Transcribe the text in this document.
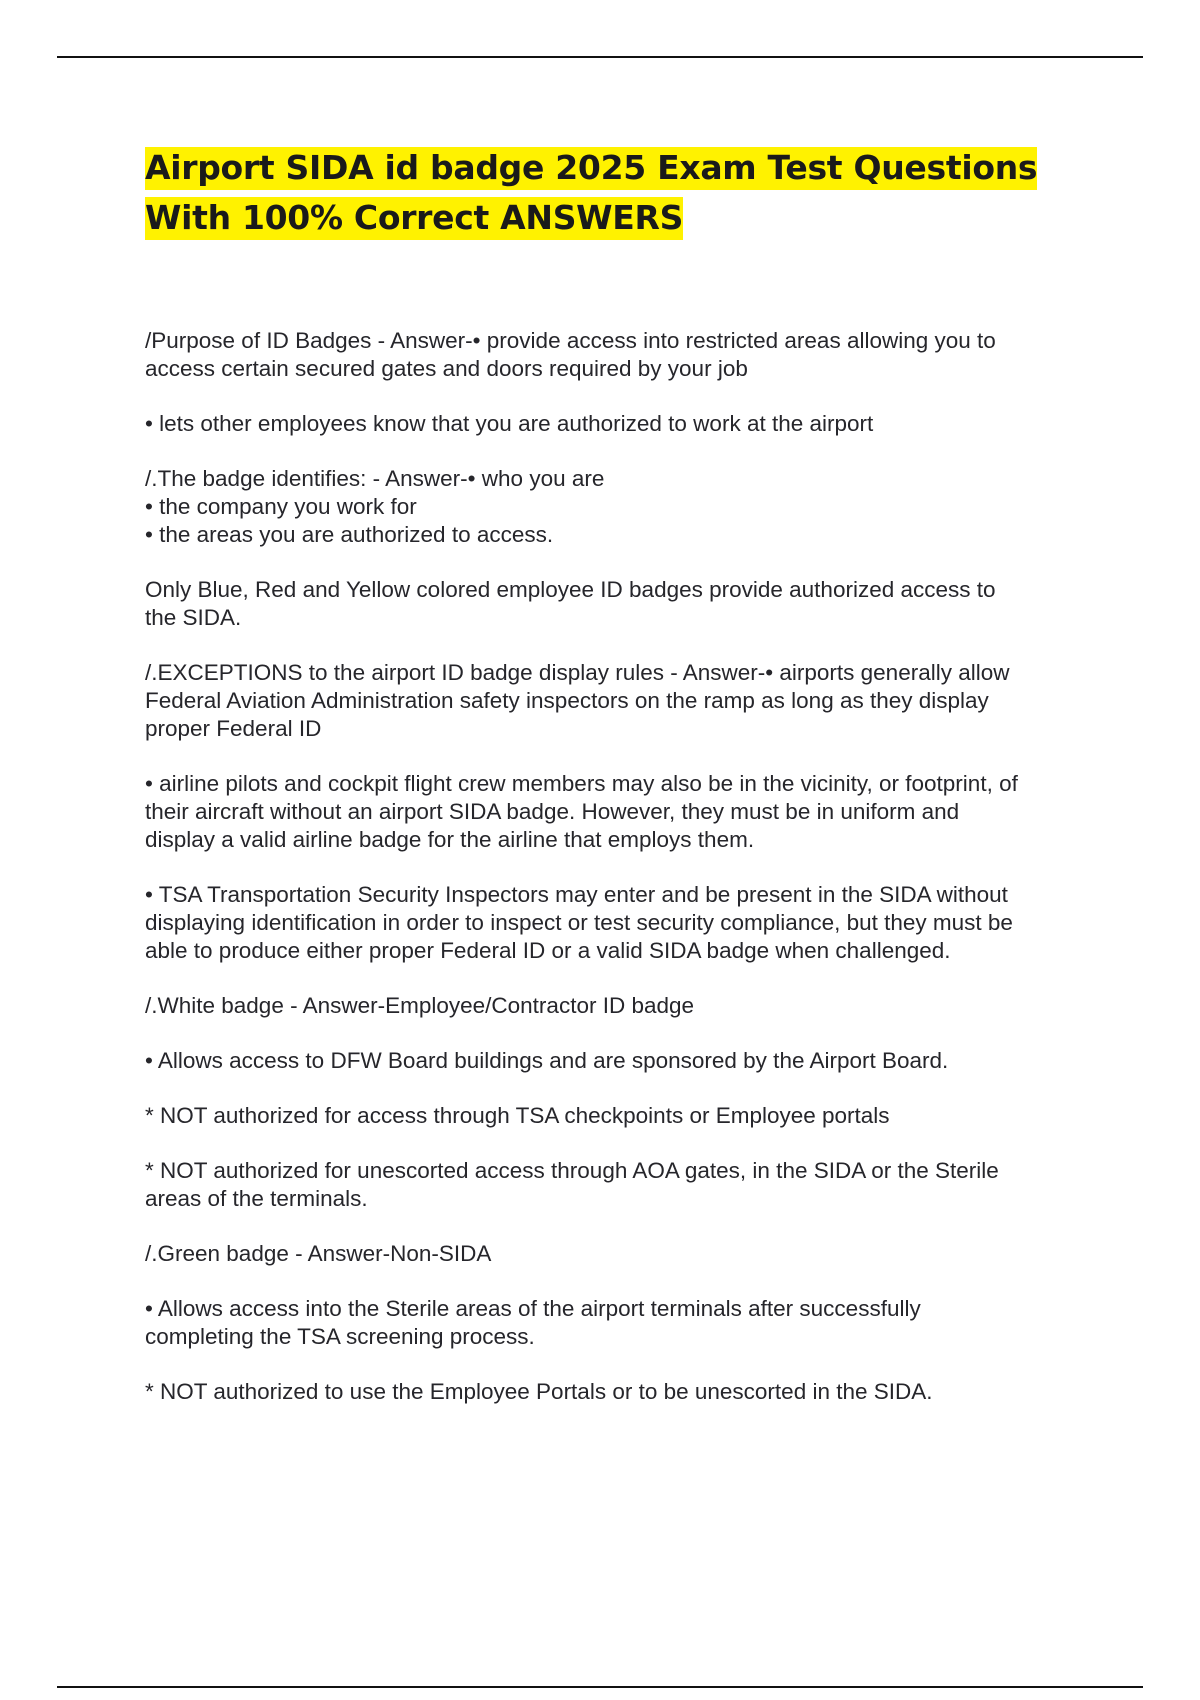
Airport SIDA id badge 2025 Exam Test Questions
With 100% Correct ANSWERS

/Purpose of ID Badges - Answer-• provide access into restricted areas allowing you to
access certain secured gates and doors required by your job

• lets other employees know that you are authorized to work at the airport

/.The badge identifies: - Answer-• who you are
• the company you work for
• the areas you are authorized to access.

Only Blue, Red and Yellow colored employee ID badges provide authorized access to
the SIDA.

/.EXCEPTIONS to the airport ID badge display rules - Answer-• airports generally allow
Federal Aviation Administration safety inspectors on the ramp as long as they display
proper Federal ID

• airline pilots and cockpit flight crew members may also be in the vicinity, or footprint, of
their aircraft without an airport SIDA badge. However, they must be in uniform and
display a valid airline badge for the airline that employs them.

• TSA Transportation Security Inspectors may enter and be present in the SIDA without
displaying identification in order to inspect or test security compliance, but they must be
able to produce either proper Federal ID or a valid SIDA badge when challenged.

/.White badge - Answer-Employee/Contractor ID badge

• Allows access to DFW Board buildings and are sponsored by the Airport Board.

* NOT authorized for access through TSA checkpoints or Employee portals

* NOT authorized for unescorted access through AOA gates, in the SIDA or the Sterile
areas of the terminals.

/.Green badge - Answer-Non-SIDA

• Allows access into the Sterile areas of the airport terminals after successfully
completing the TSA screening process.

* NOT authorized to use the Employee Portals or to be unescorted in the SIDA.
